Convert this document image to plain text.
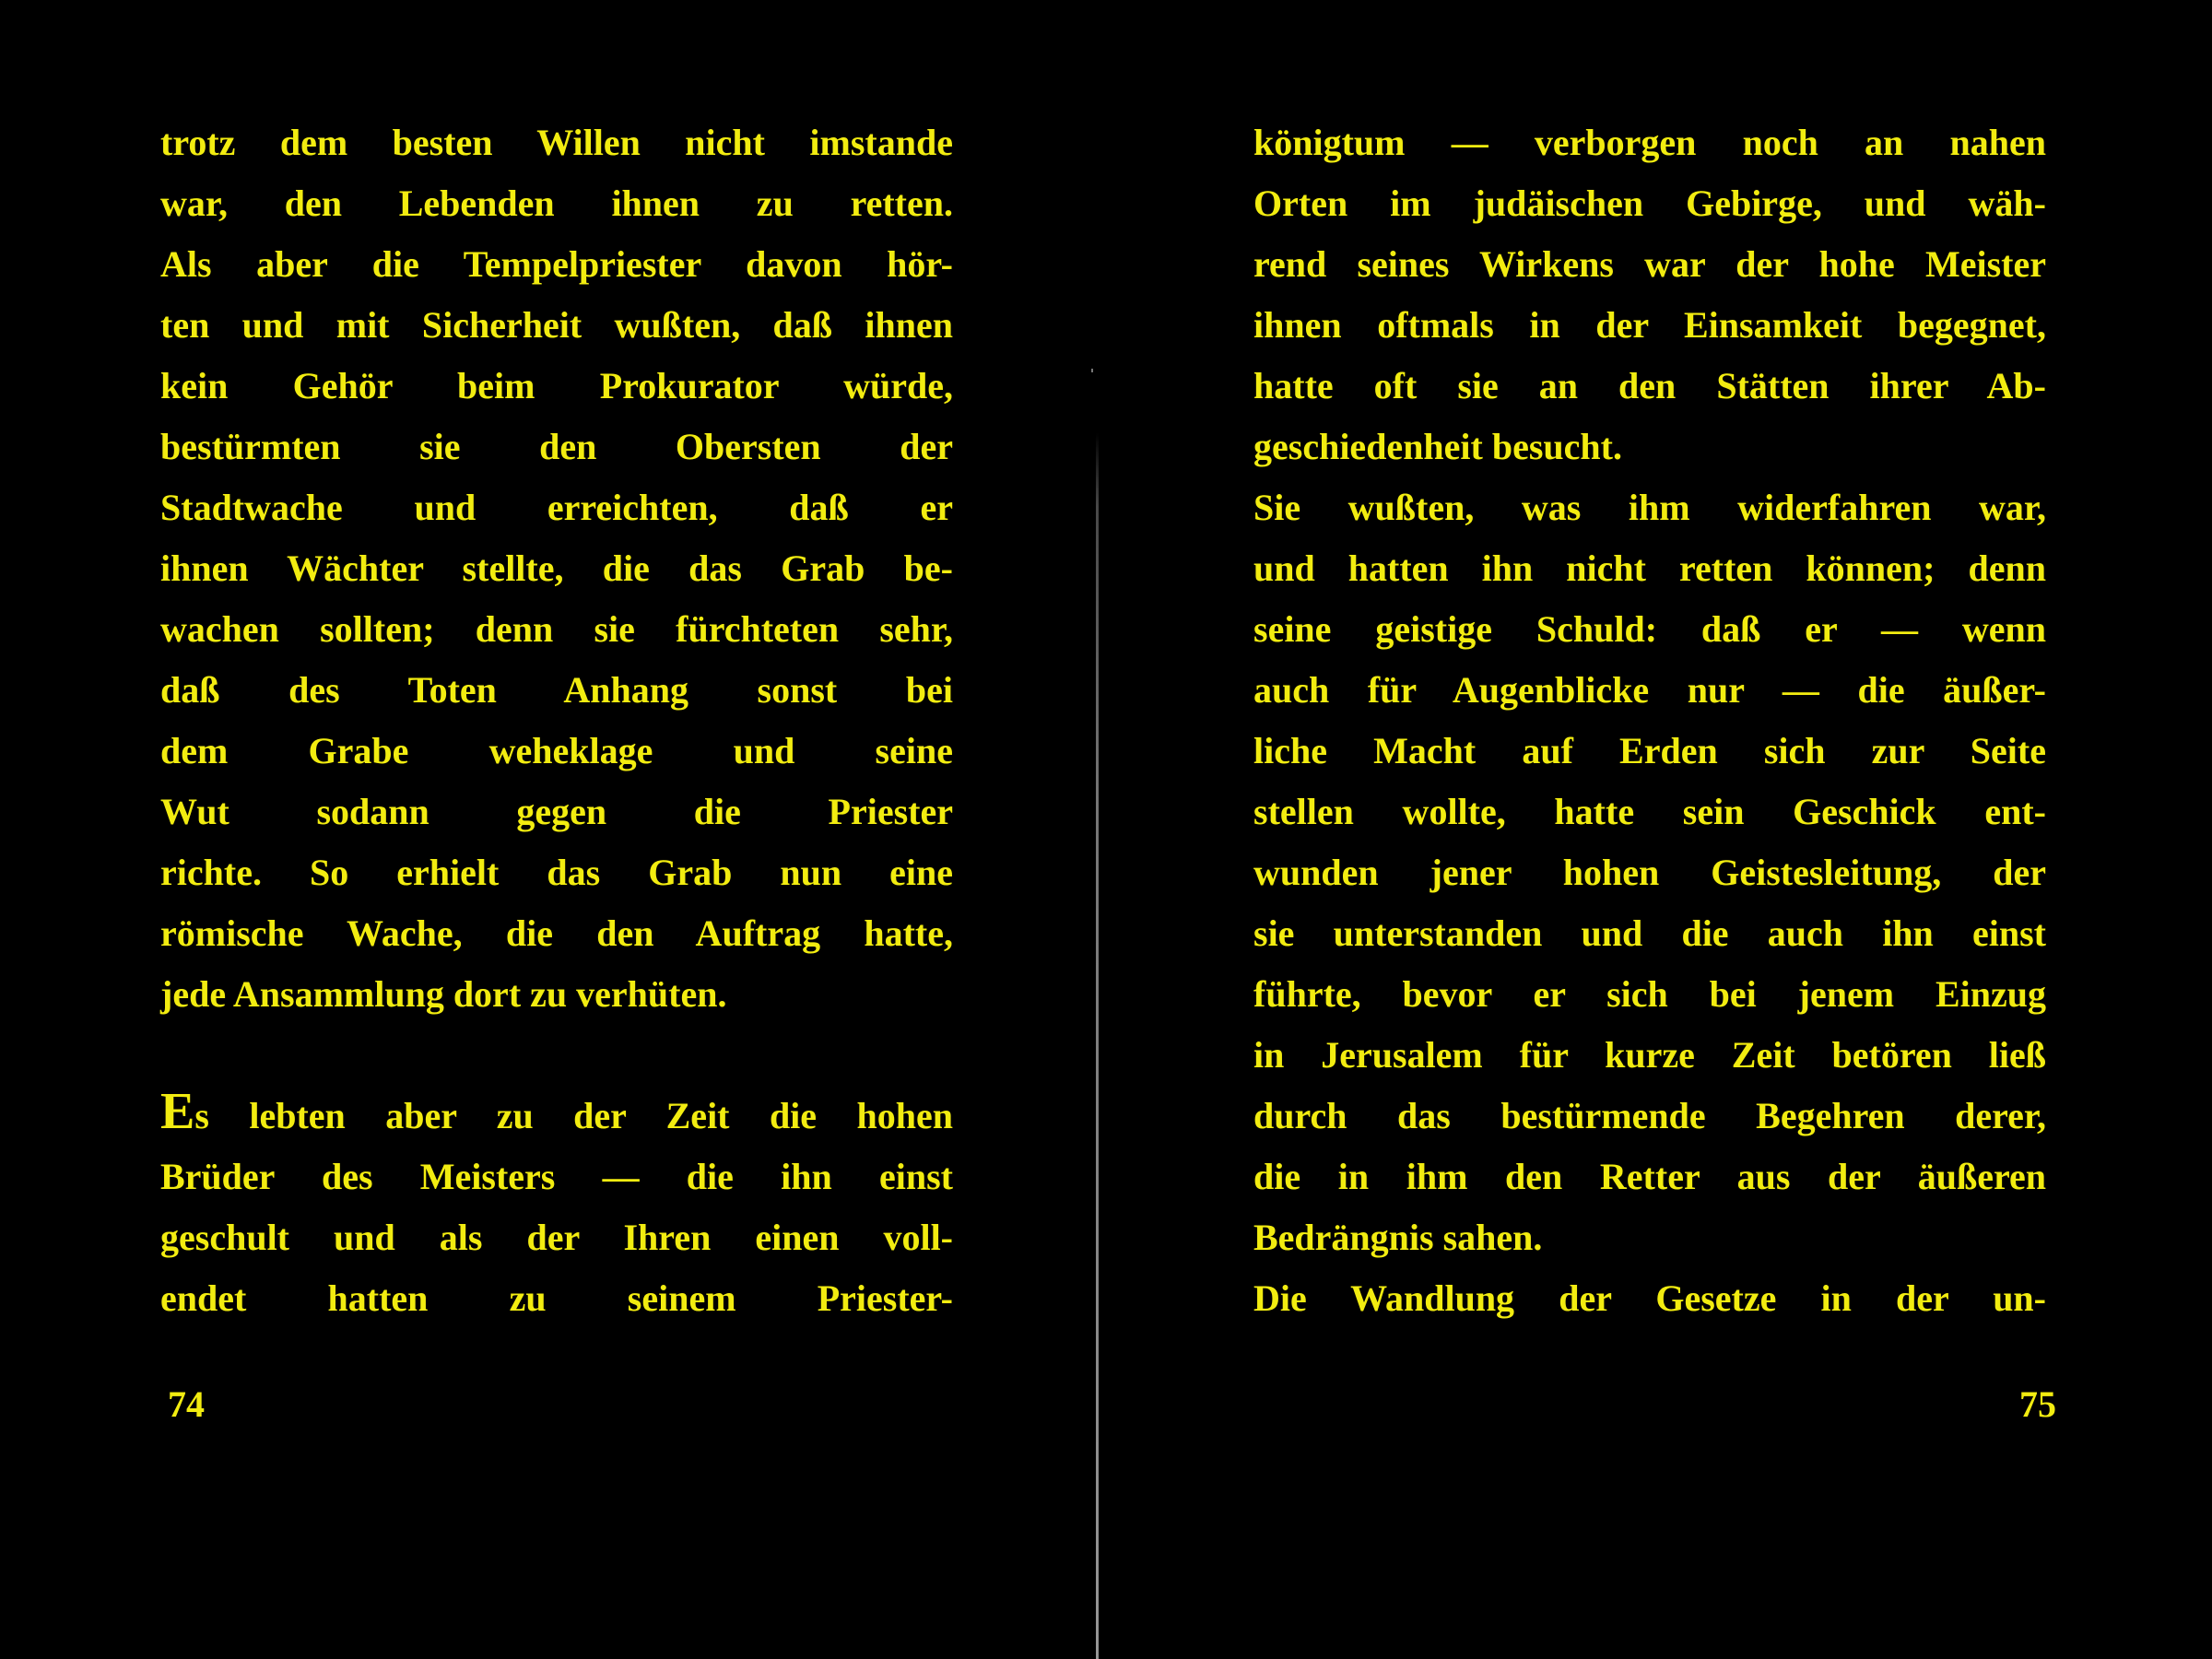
trotz dem besten Willen nicht imstande
war, den Lebenden ihnen zu retten.
Als aber die Tempelpriester davon hör-
ten und mit Sicherheit wußten, daß ihnen
kein Gehör beim Prokurator würde,
bestürmten sie den Obersten der
Stadtwache und erreichten, daß er
ihnen Wächter stellte, die das Grab be-
wachen sollten; denn sie fürchteten sehr,
daß des Toten Anhang sonst bei
dem Grabe weheklage und seine
Wut sodann gegen die Priester
richte. So erhielt das Grab nun eine
römische Wache, die den Auftrag hatte,
jede Ansammlung dort zu verhüten.
Es lebten aber zu der Zeit die hohen
Brüder des Meisters — die ihn einst
geschult und als der Ihren einen voll-
endet hatten zu seinem Priester-
74
königtum — verborgen noch an nahen
Orten im judäischen Gebirge, und wäh-
rend seines Wirkens war der hohe Meister
ihnen oftmals in der Einsamkeit begegnet,
hatte oft sie an den Stätten ihrer Ab-
geschiedenheit besucht.
Sie wußten, was ihm widerfahren war,
und hatten ihn nicht retten können; denn
seine geistige Schuld: daß er — wenn
auch für Augenblicke nur — die äußer-
liche Macht auf Erden sich zur Seite
stellen wollte, hatte sein Geschick ent-
wunden jener hohen Geistesleitung, der
sie unterstanden und die auch ihn einst
führte, bevor er sich bei jenem Einzug
in Jerusalem für kurze Zeit betören ließ
durch das bestürmende Begehren derer,
die in ihm den Retter aus der äußeren
Bedrängnis sahen.
Die Wandlung der Gesetze in der un-
75
